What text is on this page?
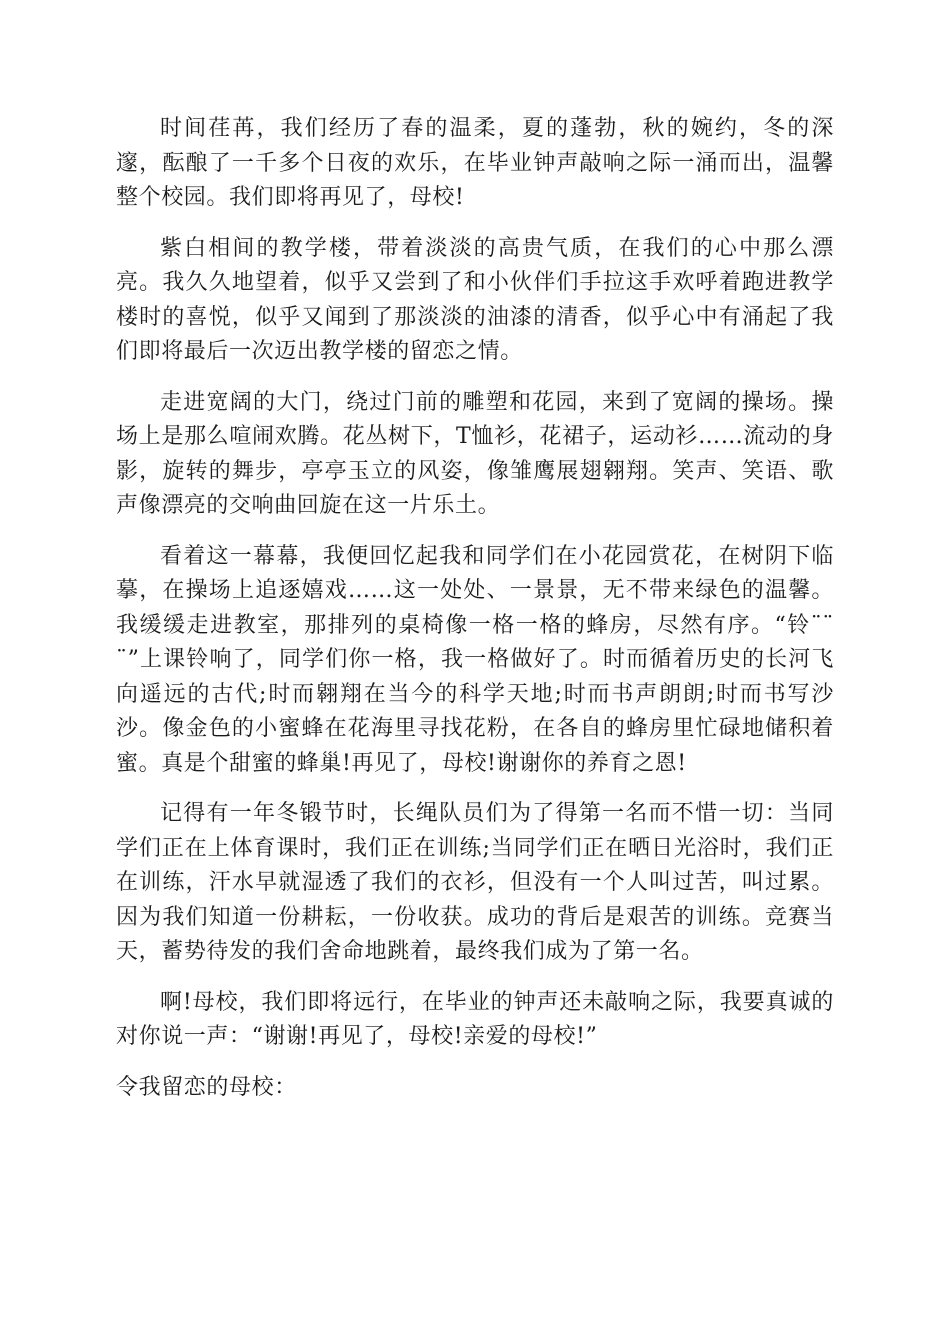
时间荏苒，我们经历了春的温柔，夏的蓬勃，秋的婉约，冬的深邃，酝酿了一千多个日夜的欢乐，在毕业钟声敲响之际一涌而出，温馨整个校园。我们即将再见了，母校!

紫白相间的教学楼，带着淡淡的高贵气质，在我们的心中那么漂亮。我久久地望着，似乎又尝到了和小伙伴们手拉这手欢呼着跑进教学楼时的喜悦，似乎又闻到了那淡淡的油漆的清香，似乎心中有涌起了我们即将最后一次迈出教学楼的留恋之情。

走进宽阔的大门，绕过门前的雕塑和花园，来到了宽阔的操场。操场上是那么喧闹欢腾。花丛树下，T恤衫，花裙子，运动衫……流动的身影，旋转的舞步，亭亭玉立的风姿，像雏鹰展翅翱翔。笑声、笑语、歌声像漂亮的交响曲回旋在这一片乐土。

看着这一幕幕，我便回忆起我和同学们在小花园赏花，在树阴下临摹，在操场上追逐嬉戏……这一处处、一景景，无不带来绿色的温馨。我缓缓走进教室，那排列的桌椅像一格一格的蜂房，尽然有序。“铃¨¨¨”上课铃响了，同学们你一格，我一格做好了。时而循着历史的长河飞向遥远的古代;时而翱翔在当今的科学天地;时而书声朗朗;时而书写沙沙。像金色的小蜜蜂在花海里寻找花粉，在各自的蜂房里忙碌地储积着蜜。真是个甜蜜的蜂巢!再见了，母校!谢谢你的养育之恩!

记得有一年冬锻节时，长绳队员们为了得第一名而不惜一切：当同学们正在上体育课时，我们正在训练;当同学们正在晒日光浴时，我们正在训练，汗水早就湿透了我们的衣衫，但没有一个人叫过苦，叫过累。因为我们知道一份耕耘，一份收获。成功的背后是艰苦的训练。竞赛当天，蓄势待发的我们舍命地跳着，最终我们成为了第一名。

啊!母校，我们即将远行，在毕业的钟声还未敲响之际，我要真诚的对你说一声：“谢谢!再见了，母校!亲爱的母校!”

令我留恋的母校：
